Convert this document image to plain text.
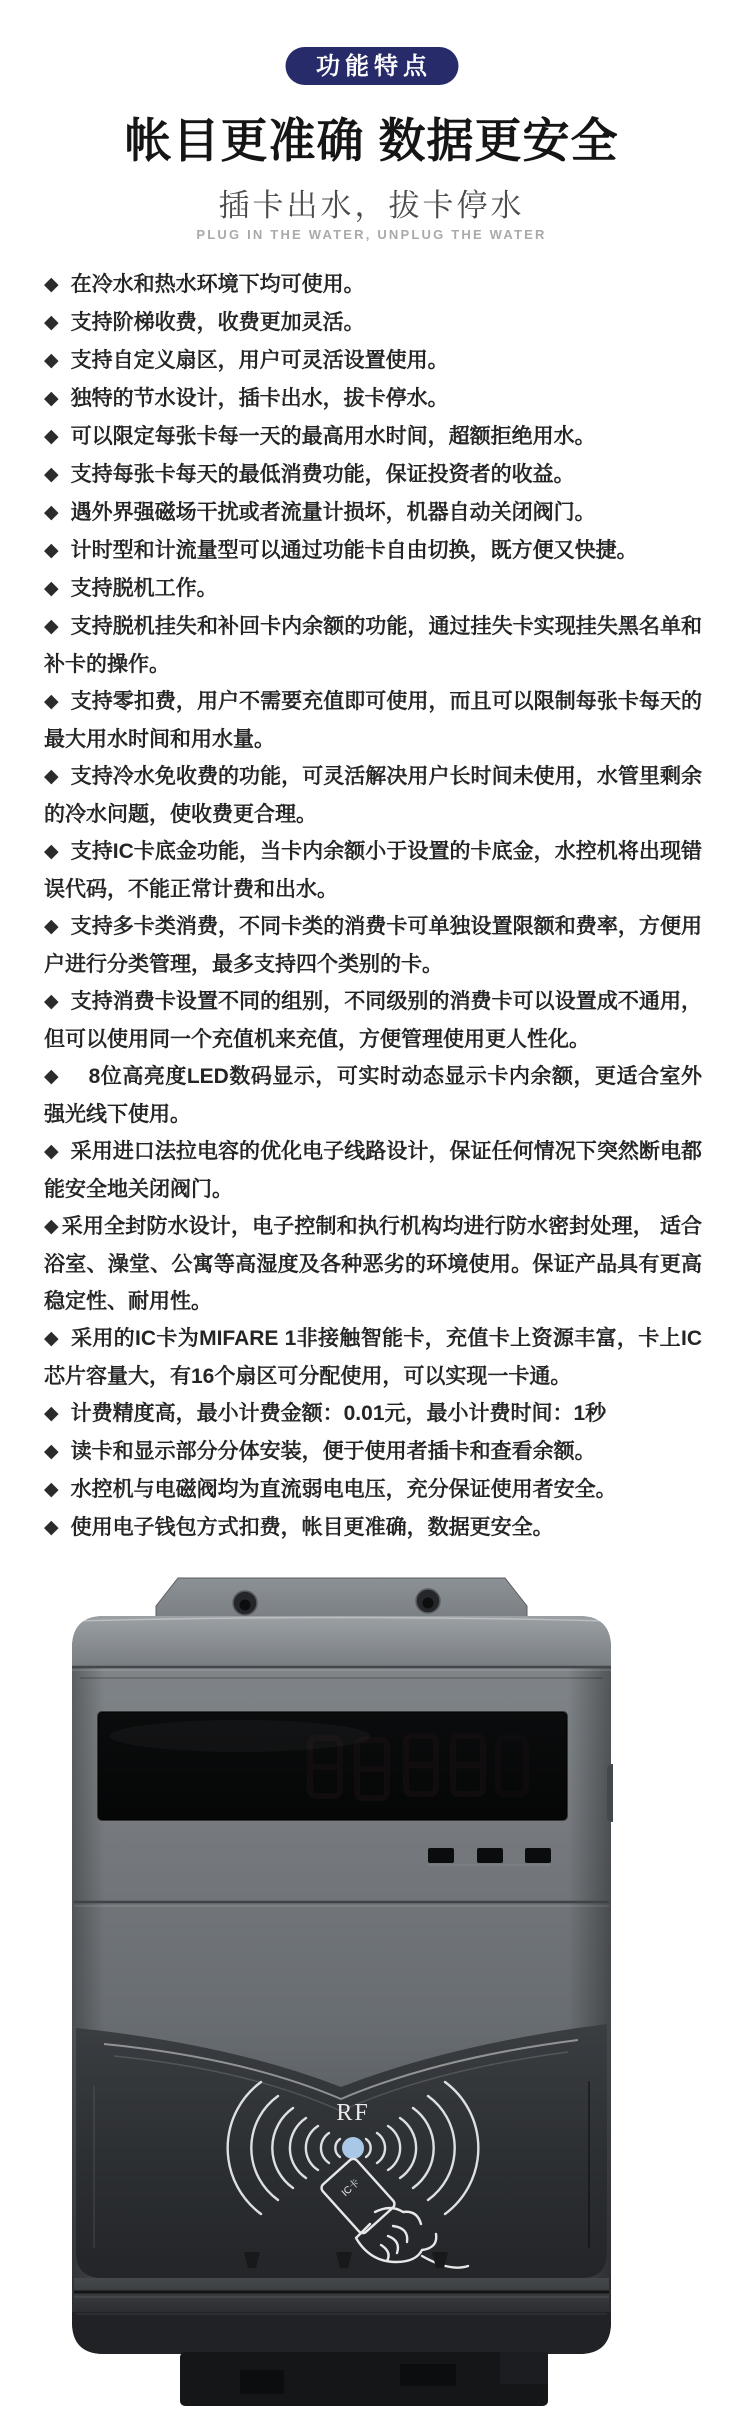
功能特点
帐目更准确 数据更安全
插卡出水，拔卡停水
PLUG IN THE WATER, UNPLUG THE WATER

◆ 在冷水和热水环境下均可使用。

◆ 支持阶梯收费，收费更加灵活。

◆ 支持自定义扇区，用户可灵活设置使用。

◆ 独特的节水设计，插卡出水，拔卡停水。

◆ 可以限定每张卡每一天的最高用水时间，超额拒绝用水。

◆ 支持每张卡每天的最低消费功能，保证投资者的收益。

◆ 遇外界强磁场干扰或者流量计损坏，机器自动关闭阀门。

◆ 计时型和计流量型可以通过功能卡自由切换，既方便又快捷。

◆ 支持脱机工作。

◆ 支持脱机挂失和补回卡内余额的功能，通过挂失卡实现挂失黑名单和补卡的操作。

◆ 支持零扣费，用户不需要充值即可使用，而且可以限制每张卡每天的最大用水时间和用水量。

◆ 支持冷水免收费的功能，可灵活解决用户长时间未使用，水管里剩余的冷水问题，使收费更合理。

◆ 支持IC卡底金功能，当卡内余额小于设置的卡底金，水控机将出现错误代码，不能正常计费和出水。

◆ 支持多卡类消费，不同卡类的消费卡可单独设置限额和费率，方便用户进行分类管理，最多支持四个类别的卡。

◆ 支持消费卡设置不同的组别，不同级别的消费卡可以设置成不通用，但可以使用同一个充值机来充值，方便管理使用更人性化。

◆ 8位高亮度LED数码显示，可实时动态显示卡内余额，更适合室外强光线下使用。

◆ 采用进口法拉电容的优化电子线路设计，保证任何情况下突然断电都能安全地关闭阀门。

◆ 采用全封防水设计，电子控制和执行机构均进行防水密封处理， 适合浴室、澡堂、公寓等高湿度及各种恶劣的环境使用。保证产品具有更高稳定性、耐用性。

◆ 采用的IC卡为MIFARE 1非接触智能卡，充值卡上资源丰富，卡上IC芯片容量大，有16个扇区可分配使用，可以实现一卡通。

◆ 计费精度高，最小计费金额：0.01元，最小计费时间：1秒

◆ 读卡和显示部分分体安装，便于使用者插卡和查看余额。

◆ 水控机与电磁阀均为直流弱电电压，充分保证使用者安全。

◆ 使用电子钱包方式扣费，帐目更准确，数据更安全。

RF
IC卡
